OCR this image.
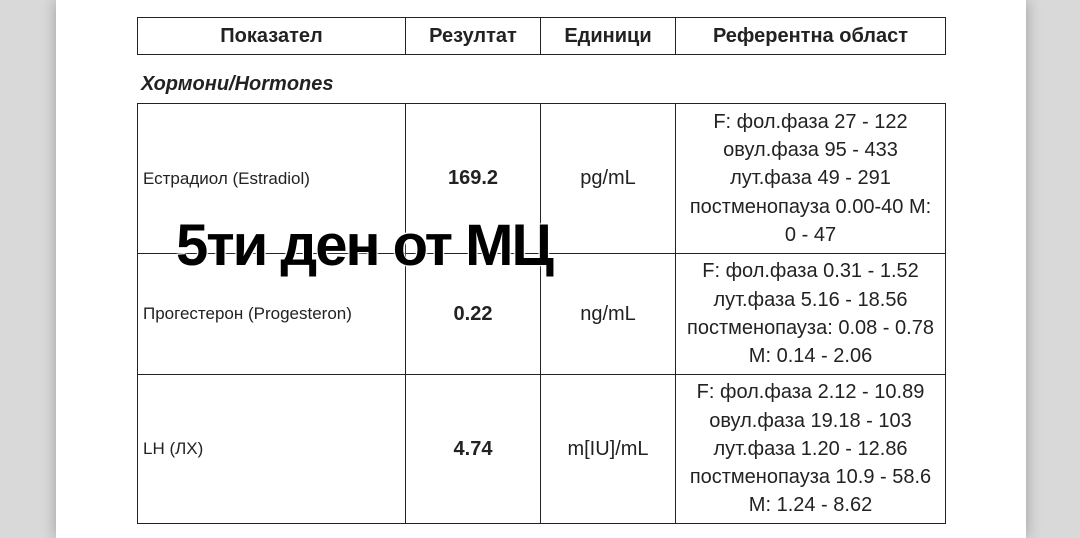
Показател	Резултат	Единици	Референтна област
Хормони/Hormones
Естрадиол (Estradiol)	169.2	pg/mL	F: фол.фаза 27 - 122
овул.фаза 95 - 433
лут.фаза 49 - 291
постменопауза 0.00-40 M:
0 - 47

Прогестерон (Progesteron)	0.22	ng/mL	F: фол.фаза 0.31 - 1.52
лут.фаза 5.16 - 18.56
постменопауза: 0.08 - 0.78
M: 0.14 - 2.06

LH (ЛХ)	4.74	m[IU]/mL	F: фол.фаза 2.12 - 10.89
овул.фаза 19.18 - 103
лут.фаза 1.20 - 12.86
постменопауза 10.9 - 58.6
M: 1.24 - 8.62
5ти ден от МЦ
